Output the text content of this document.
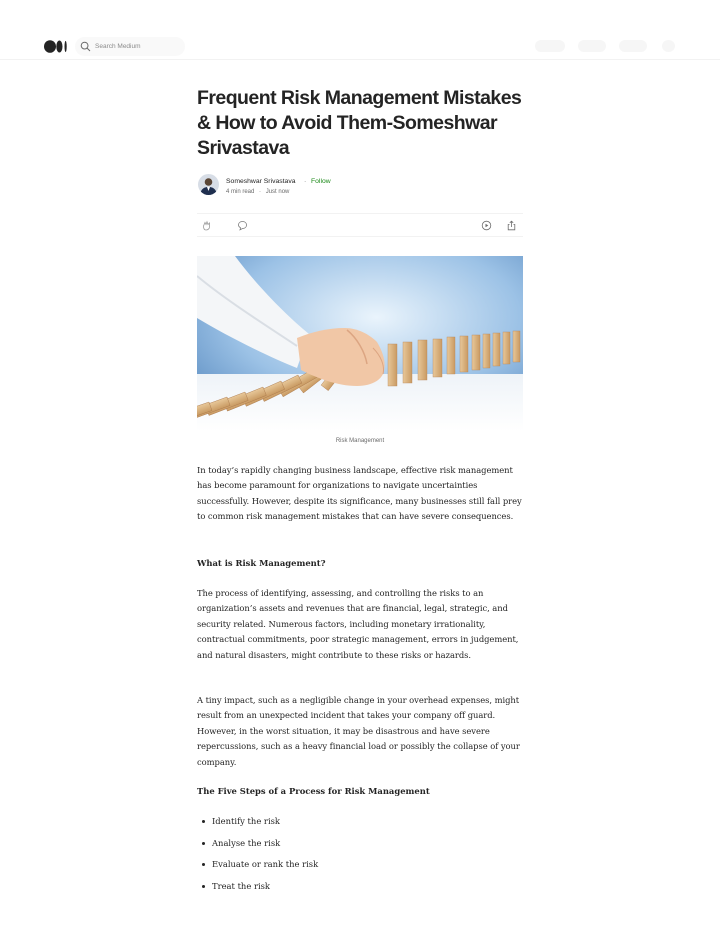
Search Medium
Frequent Risk Management Mistakes & How to Avoid Them-Someshwar Srivastava
Someshwar Srivastava · Follow
4 min read · Just now
Risk Management

In today’s rapidly changing business landscape, effective risk management has become paramount for organizations to navigate uncertainties successfully. However, despite its significance, many businesses still fall prey to common risk management mistakes that can have severe consequences.

What is Risk Management?

The process of identifying, assessing, and controlling the risks to an organization’s assets and revenues that are financial, legal, strategic, and security related. Numerous factors, including monetary irrationality, contractual commitments, poor strategic management, errors in judgement, and natural disasters, might contribute to these risks or hazards.

A tiny impact, such as a negligible change in your overhead expenses, might result from an unexpected incident that takes your company off guard. However, in the worst situation, it may be disastrous and have severe repercussions, such as a heavy financial load or possibly the collapse of your company.

The Five Steps of a Process for Risk Management
Identify the risk
Analyse the risk
Evaluate or rank the risk
Treat the risk
